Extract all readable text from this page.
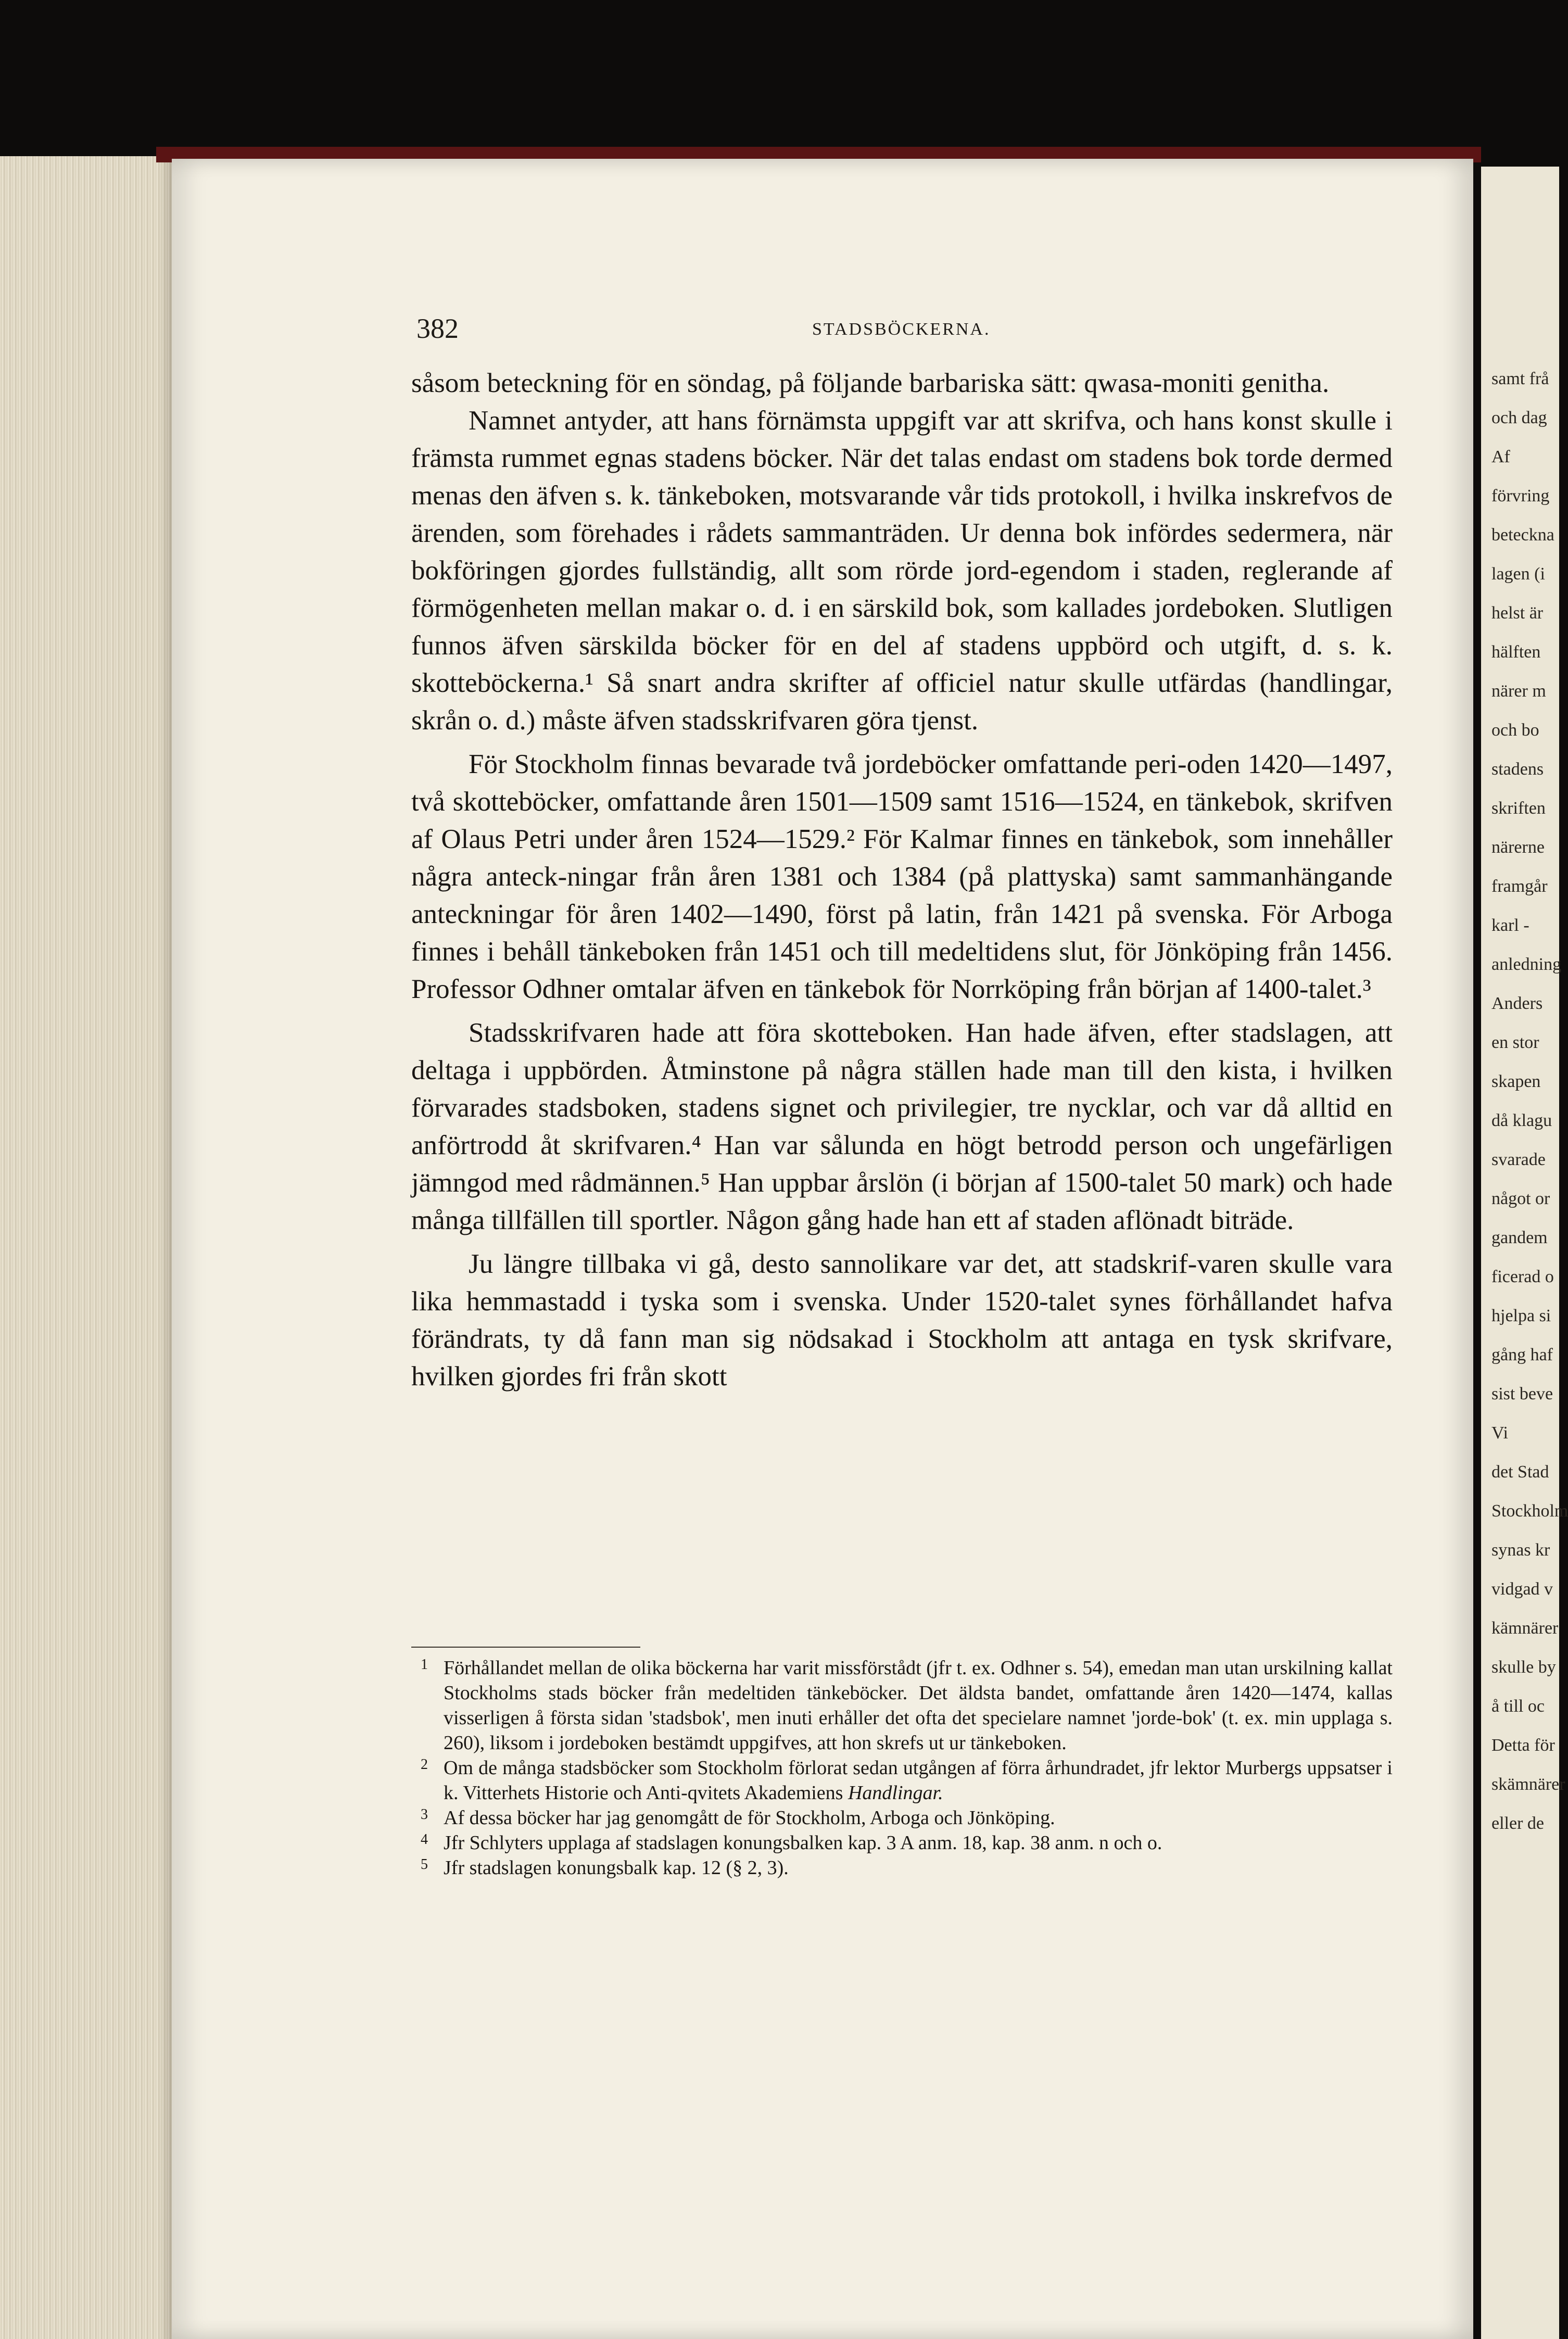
samt frå
och dag
Af
förvring
beteckna
lagen (i
helst är
hälften
närer m
och bo
stadens
skriften
närerne
framgår
karl -
anledning
Anders
en stor
skapen
då klagu
svarade
något or
gandem
ficerad o
hjelpa si
gång haf
sist beve
Vi
det Stad
Stockholm
synas kr
vidgad v
kämnärer
skulle by
å till oc
Detta för
skämnärer
eller de
382	STADSBÖCKERNA.

såsom beteckning för en söndag, på följande barbariska sätt: qwasa-moniti genitha.

Namnet antyder, att hans förnämsta uppgift var att skrifva, och hans konst skulle i främsta rummet egnas stadens böcker. När det talas endast om stadens bok torde dermed menas den äfven s. k. tänkeboken, motsvarande vår tids protokoll, i hvilka inskrefvos de ärenden, som förehades i rådets sammanträden. Ur denna bok infördes sedermera, när bokföringen gjordes fullständig, allt som rörde jord-egendom i staden, reglerande af förmögenheten mellan makar o. d. i en särskild bok, som kallades jordeboken. Slutligen funnos äfven särskilda böcker för en del af stadens uppbörd och utgift, d. s. k. skotteböckerna.¹ Så snart andra skrifter af officiel natur skulle utfärdas (handlingar, skrån o. d.) måste äfven stadsskrifvaren göra tjenst.

För Stockholm finnas bevarade två jordeböcker omfattande peri-oden 1420—1497, två skotteböcker, omfattande åren 1501—1509 samt 1516—1524, en tänkebok, skrifven af Olaus Petri under åren 1524—1529.² För Kalmar finnes en tänkebok, som innehåller några anteck-ningar från åren 1381 och 1384 (på plattyska) samt sammanhängande anteckningar för åren 1402—1490, först på latin, från 1421 på svenska. För Arboga finnes i behåll tänkeboken från 1451 och till medeltidens slut, för Jönköping från 1456. Professor Odhner omtalar äfven en tänkebok för Norrköping från början af 1400-talet.³

Stadsskrifvaren hade att föra skotteboken. Han hade äfven, efter stadslagen, att deltaga i uppbörden. Åtminstone på några ställen hade man till den kista, i hvilken förvarades stadsboken, stadens signet och privilegier, tre nycklar, och var då alltid en anförtrodd åt skrifvaren.⁴ Han var sålunda en högt betrodd person och ungefärligen jämngod med rådmännen.⁵ Han uppbar årslön (i början af 1500-talet 50 mark) och hade många tillfällen till sportler. Någon gång hade han ett af staden aflönadt biträde.

Ju längre tillbaka vi gå, desto sannolikare var det, att stadskrif-varen skulle vara lika hemmastadd i tyska som i svenska. Under 1520-talet synes förhållandet hafva förändrats, ty då fann man sig nödsakad i Stockholm att antaga en tysk skrifvare, hvilken gjordes fri från skott

1 Förhållandet mellan de olika böckerna har varit missförstådt (jfr t. ex. Odhner s. 54), emedan man utan urskilning kallat Stockholms stads böcker från medeltiden tänkeböcker. Det äldsta bandet, omfattande åren 1420—1474, kallas visserligen å första sidan 'stadsbok', men inuti erhåller det ofta det specielare namnet 'jorde-bok' (t. ex. min upplaga s. 260), liksom i jordeboken bestämdt uppgifves, att hon skrefs ut ur tänkeboken.
2 Om de många stadsböcker som Stockholm förlorat sedan utgången af förra århundradet, jfr lektor Murbergs uppsatser i k. Vitterhets Historie och Anti-qvitets Akademiens Handlingar.
3 Af dessa böcker har jag genomgått de för Stockholm, Arboga och Jönköping.
4 Jfr Schlyters upplaga af stadslagen konungsbalken kap. 3 A anm. 18, kap. 38 anm. n och o.
5 Jfr stadslagen konungsbalk kap. 12 (§ 2, 3).
